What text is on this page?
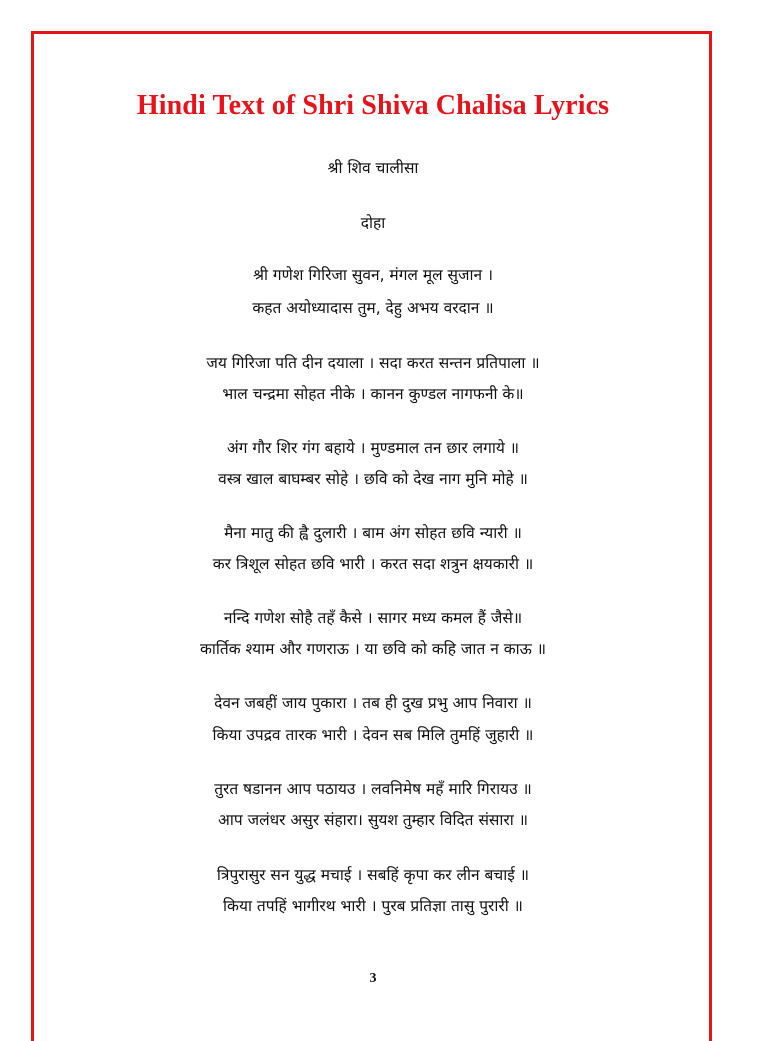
Hindi Text of Shri Shiva Chalisa Lyrics
श्री शिव चालीसा
दोहा
श्री गणेश गिरिजा सुवन, मंगल मूल सुजान ।
कहत अयोध्यादास तुम, देहु अभय वरदान ॥
जय गिरिजा पति दीन दयाला । सदा करत सन्तन प्रतिपाला ॥
भाल चन्द्रमा सोहत नीके । कानन कुण्डल नागफनी के॥
अंग गौर शिर गंग बहाये । मुण्डमाल तन छार लगाये ॥
वस्त्र खाल बाघम्बर सोहे । छवि को देख नाग मुनि मोहे ॥
मैना मातु की ह्वै दुलारी । बाम अंग सोहत छवि न्यारी ॥
कर त्रिशूल सोहत छवि भारी । करत सदा शत्रुन क्षयकारी ॥
नन्दि गणेश सोहै तहँ कैसे । सागर मध्य कमल हैं जैसे॥
कार्तिक श्याम और गणराऊ । या छवि को कहि जात न काऊ ॥
देवन जबहीं जाय पुकारा । तब ही दुख प्रभु आप निवारा ॥
किया उपद्रव तारक भारी । देवन सब मिलि तुमहिं जुहारी ॥
तुरत षडानन आप पठायउ । लवनिमेष महँ मारि गिरायउ ॥
आप जलंधर असुर संहारा। सुयश तुम्हार विदित संसारा ॥
त्रिपुरासुर सन युद्ध मचाई । सबहिं कृपा कर लीन बचाई ॥
किया तपहिं भागीरथ भारी । पुरब प्रतिज्ञा तासु पुरारी ॥
3
